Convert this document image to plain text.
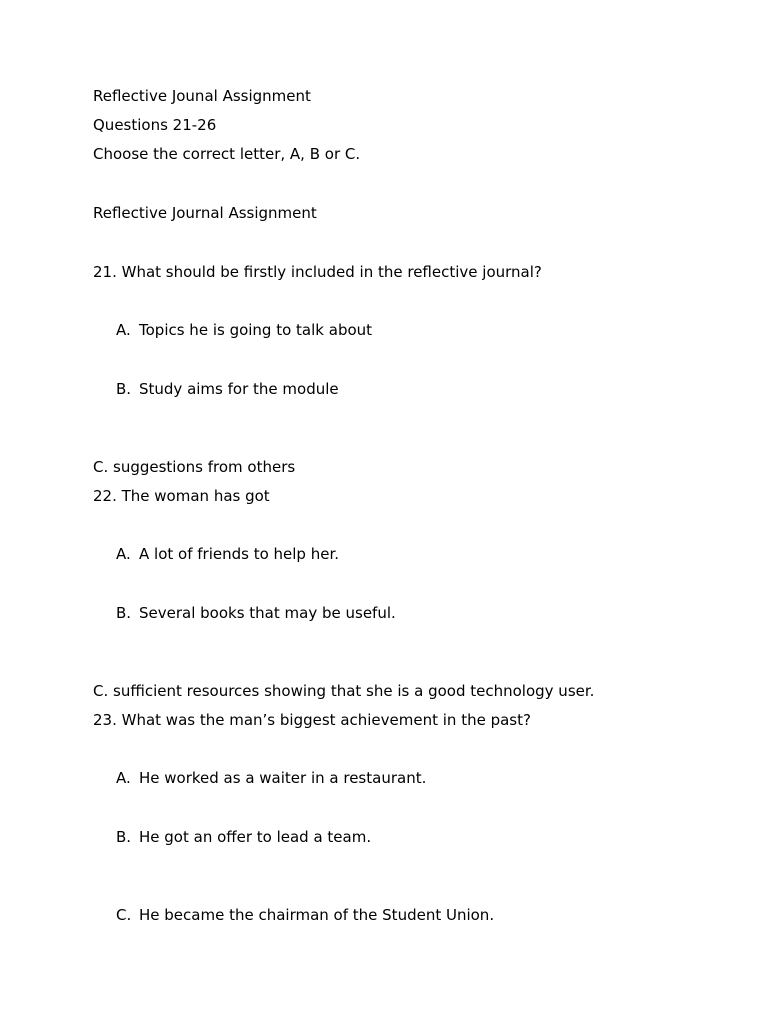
Reflective Jounal Assignment
Questions 21-26
Choose the correct letter, A, B or C.
Reflective Journal Assignment
21. What should be firstly included in the reflective journal?
A. Topics he is going to talk about
B. Study aims for the module
C. suggestions from others
22. The woman has got
A. A lot of friends to help her.
B. Several books that may be useful.
C. sufficient resources showing that she is a good technology user.
23. What was the man’s biggest achievement in the past?
A. He worked as a waiter in a restaurant.
B. He got an offer to lead a team.
C. He became the chairman of the Student Union.
